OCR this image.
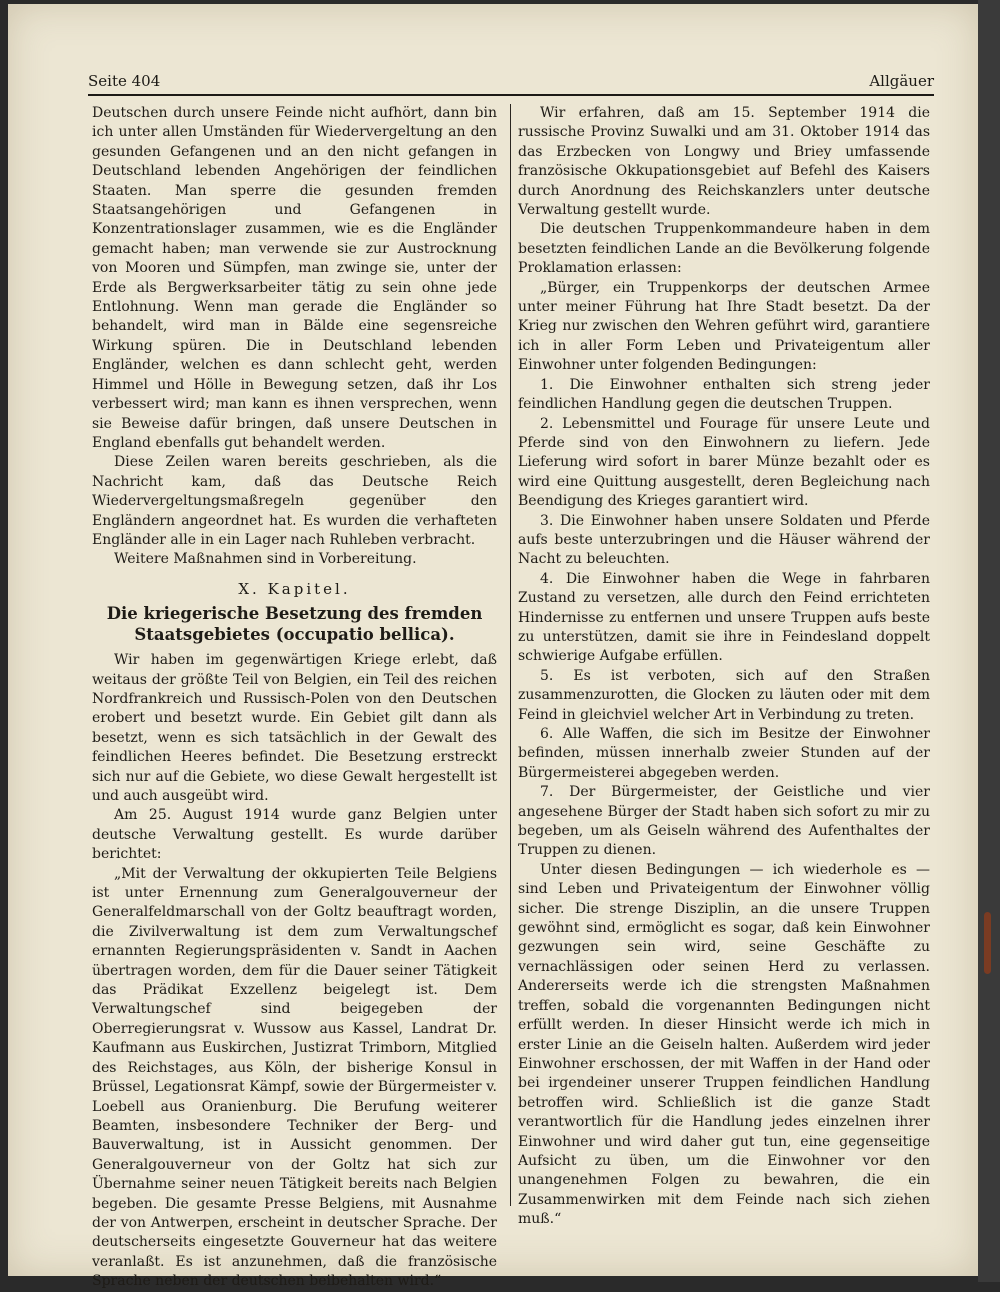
Seite 404	Allgäuer

Deutschen durch unsere Feinde nicht aufhört, dann bin ich unter allen Umständen für Wiedervergeltung an den gesunden Gefangenen und an den nicht gefangen in Deutschland lebenden Angehörigen der feindlichen Staaten. Man sperre die gesunden fremden Staatsangehörigen und Gefangenen in Konzentrationslager zusammen, wie es die Engländer gemacht haben; man verwende sie zur Austrocknung von Mooren und Sümpfen, man zwinge sie, unter der Erde als Bergwerksarbeiter tätig zu sein ohne jede Entlohnung. Wenn man gerade die Engländer so behandelt, wird man in Bälde eine segensreiche Wirkung spüren. Die in Deutschland lebenden Engländer, welchen es dann schlecht geht, werden Himmel und Hölle in Bewegung setzen, daß ihr Los verbessert wird; man kann es ihnen versprechen, wenn sie Beweise dafür bringen, daß unsere Deutschen in England ebenfalls gut behandelt werden.

Diese Zeilen waren bereits geschrieben, als die Nachricht kam, daß das Deutsche Reich Wiedervergeltungsmaßregeln gegenüber den Engländern angeordnet hat. Es wurden die verhafteten Engländer alle in ein Lager nach Ruhleben verbracht.

Weitere Maßnahmen sind in Vorbereitung.

X. Kapitel.
Die kriegerische Besetzung des fremden Staatsgebietes (occupatio bellica).

Wir haben im gegenwärtigen Kriege erlebt, daß weitaus der größte Teil von Belgien, ein Teil des reichen Nordfrankreich und Russisch-Polen von den Deutschen erobert und besetzt wurde. Ein Gebiet gilt dann als besetzt, wenn es sich tatsächlich in der Gewalt des feindlichen Heeres befindet. Die Besetzung erstreckt sich nur auf die Gebiete, wo diese Gewalt hergestellt ist und auch ausgeübt wird.

Am 25. August 1914 wurde ganz Belgien unter deutsche Verwaltung gestellt. Es wurde darüber berichtet:

„Mit der Verwaltung der okkupierten Teile Belgiens ist unter Ernennung zum Generalgouverneur der Generalfeldmarschall von der Goltz beauftragt worden, die Zivilverwaltung ist dem zum Verwaltungschef ernannten Regierungspräsidenten v. Sandt in Aachen übertragen worden, dem für die Dauer seiner Tätigkeit das Prädikat Exzellenz beigelegt ist. Dem Verwaltungschef sind beigegeben der Oberregierungsrat v. Wussow aus Kassel, Landrat Dr. Kaufmann aus Euskirchen, Justizrat Trimborn, Mitglied des Reichstages, aus Köln, der bisherige Konsul in Brüssel, Legationsrat Kämpf, sowie der Bürgermeister v. Loebell aus Oranienburg. Die Berufung weiterer Beamten, insbesondere Techniker der Berg- und Bauverwaltung, ist in Aussicht genommen. Der Generalgouverneur von der Goltz hat sich zur Übernahme seiner neuen Tätigkeit bereits nach Belgien begeben. Die gesamte Presse Belgiens, mit Ausnahme der von Antwerpen, erscheint in deutscher Sprache. Der deutscherseits eingesetzte Gouverneur hat das weitere veranlaßt. Es ist anzunehmen, daß die französische Sprache neben der deutschen beibehalten wird.“

Wir erfahren, daß am 15. September 1914 die russische Provinz Suwalki und am 31. Oktober 1914 das das Erzbecken von Longwy und Briey umfassende französische Okkupationsgebiet auf Befehl des Kaisers durch Anordnung des Reichskanzlers unter deutsche Verwaltung gestellt wurde.

Die deutschen Truppenkommandeure haben in dem besetzten feindlichen Lande an die Bevölkerung folgende Proklamation erlassen:

„Bürger, ein Truppenkorps der deutschen Armee unter meiner Führung hat Ihre Stadt besetzt. Da der Krieg nur zwischen den Wehren geführt wird, garantiere ich in aller Form Leben und Privateigentum aller Einwohner unter folgenden Bedingungen:

1. Die Einwohner enthalten sich streng jeder feindlichen Handlung gegen die deutschen Truppen.

2. Lebensmittel und Fourage für unsere Leute und Pferde sind von den Einwohnern zu liefern. Jede Lieferung wird sofort in barer Münze bezahlt oder es wird eine Quittung ausgestellt, deren Begleichung nach Beendigung des Krieges garantiert wird.

3. Die Einwohner haben unsere Soldaten und Pferde aufs beste unterzubringen und die Häuser während der Nacht zu beleuchten.

4. Die Einwohner haben die Wege in fahrbaren Zustand zu versetzen, alle durch den Feind errichteten Hindernisse zu entfernen und unsere Truppen aufs beste zu unterstützen, damit sie ihre in Feindesland doppelt schwierige Aufgabe erfüllen.

5. Es ist verboten, sich auf den Straßen zusammenzurotten, die Glocken zu läuten oder mit dem Feind in gleichviel welcher Art in Verbindung zu treten.

6. Alle Waffen, die sich im Besitze der Einwohner befinden, müssen innerhalb zweier Stunden auf der Bürgermeisterei abgegeben werden.

7. Der Bürgermeister, der Geistliche und vier angesehene Bürger der Stadt haben sich sofort zu mir zu begeben, um als Geiseln während des Aufenthaltes der Truppen zu dienen.

Unter diesen Bedingungen — ich wiederhole es — sind Leben und Privateigentum der Einwohner völlig sicher. Die strenge Disziplin, an die unsere Truppen gewöhnt sind, ermöglicht es sogar, daß kein Einwohner gezwungen sein wird, seine Geschäfte zu vernachlässigen oder seinen Herd zu verlassen. Andererseits werde ich die strengsten Maßnahmen treffen, sobald die vorgenannten Bedingungen nicht erfüllt werden. In dieser Hinsicht werde ich mich in erster Linie an die Geiseln halten. Außerdem wird jeder Einwohner erschossen, der mit Waffen in der Hand oder bei irgendeiner unserer Truppen feindlichen Handlung betroffen wird. Schließlich ist die ganze Stadt verantwortlich für die Handlung jedes einzelnen ihrer Einwohner und wird daher gut tun, eine gegenseitige Aufsicht zu üben, um die Einwohner vor den unangenehmen Folgen zu bewahren, die ein Zusammenwirken mit dem Feinde nach sich ziehen muß.“
